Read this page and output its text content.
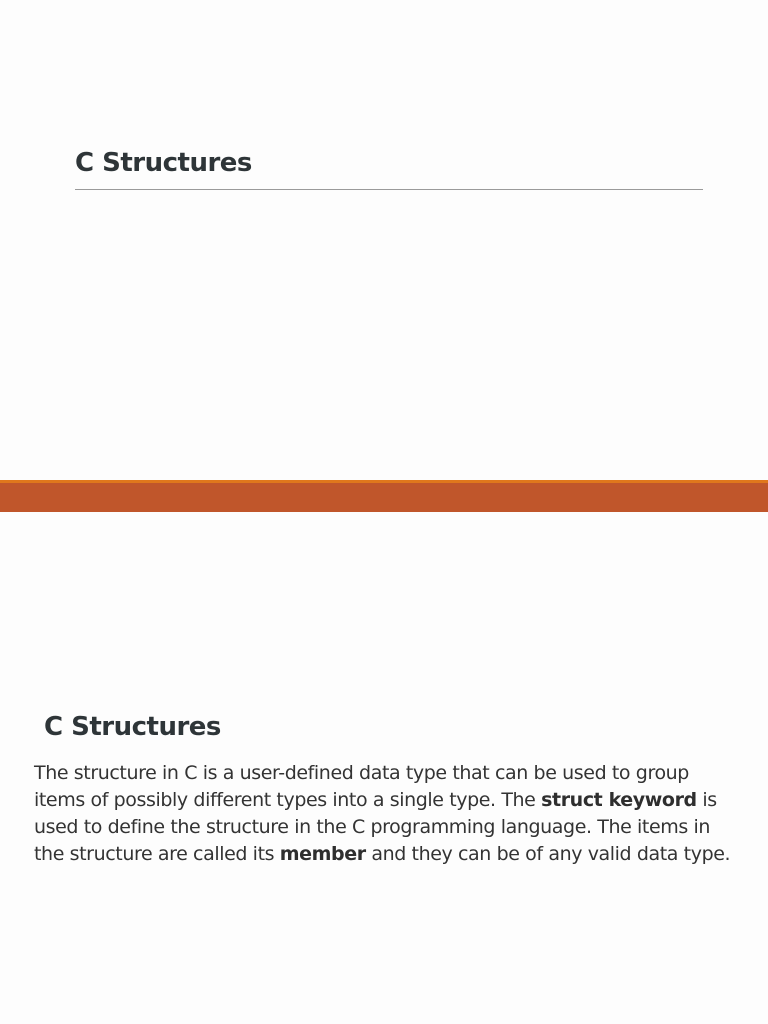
C Structures
C Structures

The structure in C is a user-defined data type that can be used to group items of possibly different types into a single type. The struct keyword is used to define the structure in the C programming language. The items in the structure are called its member and they can be of any valid data type.
